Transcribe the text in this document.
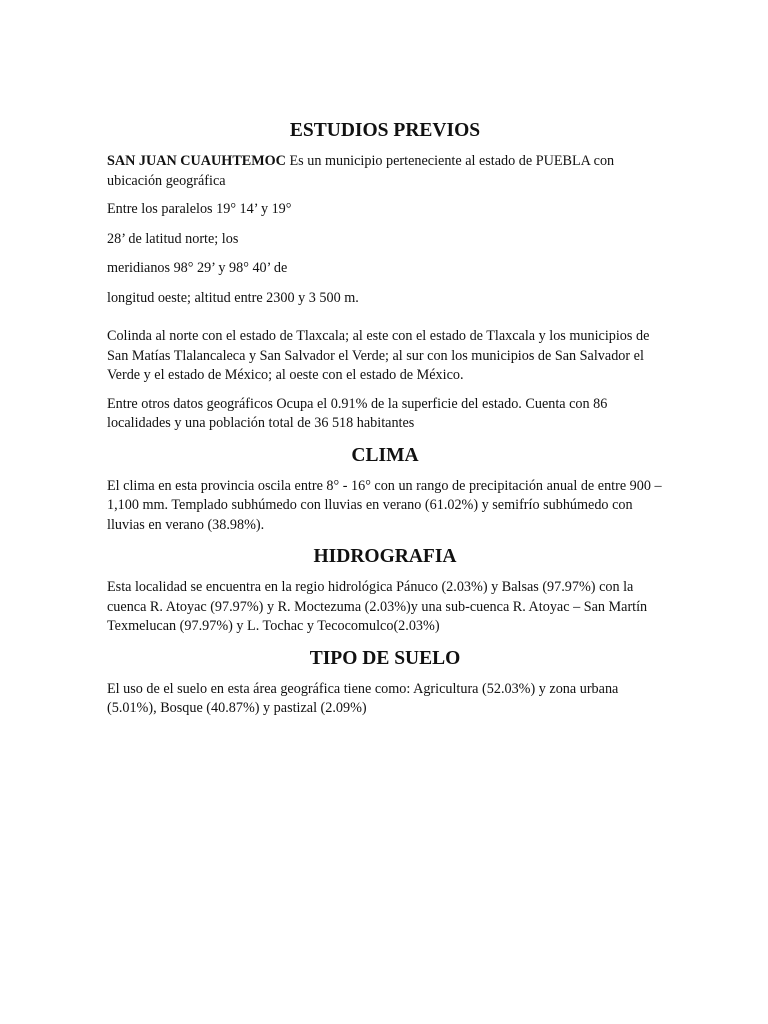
ESTUDIOS PREVIOS

SAN JUAN CUAUHTEMOC Es un municipio perteneciente al estado de PUEBLA con ubicación geográfica

Entre los paralelos 19° 14’ y 19°

28’ de latitud norte; los

meridianos 98° 29’ y 98° 40’ de

longitud oeste; altitud entre 2300 y 3 500 m.

Colinda al norte con el estado de Tlaxcala; al este con el estado de Tlaxcala y los municipios de San Matías Tlalancaleca y San Salvador el Verde; al sur con los municipios de San Salvador el Verde y el estado de México; al oeste con el estado de México.

Entre otros datos geográficos Ocupa el 0.91% de la superficie del estado. Cuenta con 86 localidades y una población total de 36 518 habitantes

CLIMA

El clima en esta provincia oscila entre 8° - 16° con un rango de precipitación anual de entre 900 – 1,100 mm. Templado subhúmedo con lluvias en verano (61.02%) y semifrío subhúmedo con lluvias en verano (38.98%).

HIDROGRAFIA

Esta localidad se encuentra en la regio hidrológica Pánuco (2.03%) y Balsas (97.97%) con la cuenca R. Atoyac (97.97%) y R. Moctezuma (2.03%)y una sub-cuenca R. Atoyac – San Martín Texmelucan (97.97%) y L. Tochac y Tecocomulco(2.03%)

TIPO DE SUELO

El uso de el suelo en esta área geográfica tiene como: Agricultura (52.03%) y zona urbana (5.01%), Bosque (40.87%) y pastizal (2.09%)
